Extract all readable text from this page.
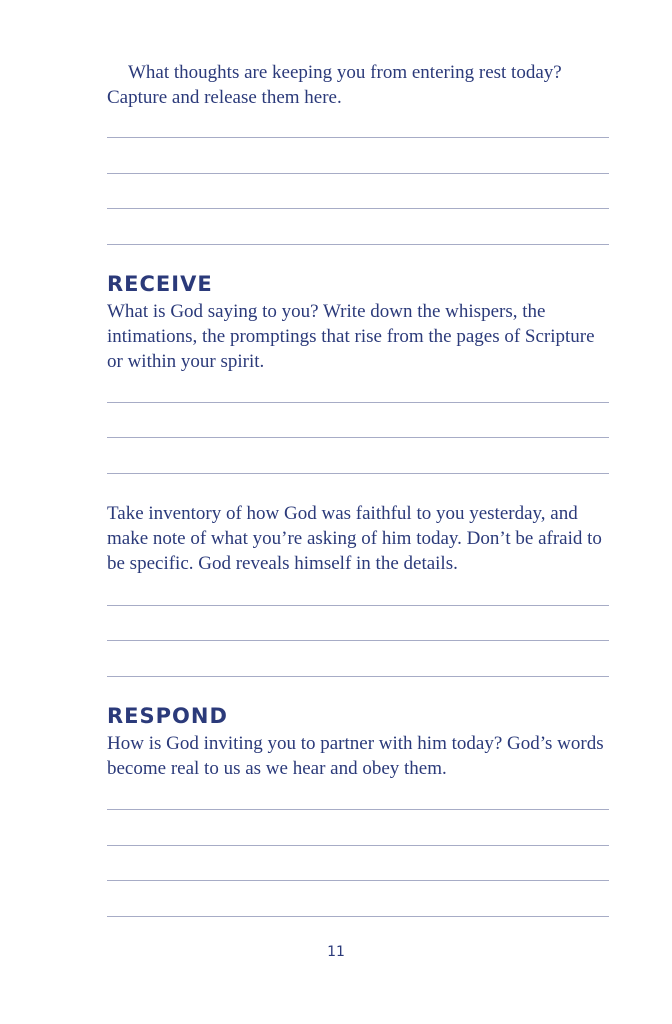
What thoughts are keeping you from entering rest today? Capture and release them here.

RECEIVE

What is God saying to you? Write down the whispers, the intimations, the promptings that rise from the pages of Scripture or within your spirit.

Take inventory of how God was faithful to you yesterday, and make note of what you’re asking of him today. Don’t be afraid to be specific. God reveals himself in the details.

RESPOND

How is God inviting you to partner with him today? God’s words become real to us as we hear and obey them.

11
